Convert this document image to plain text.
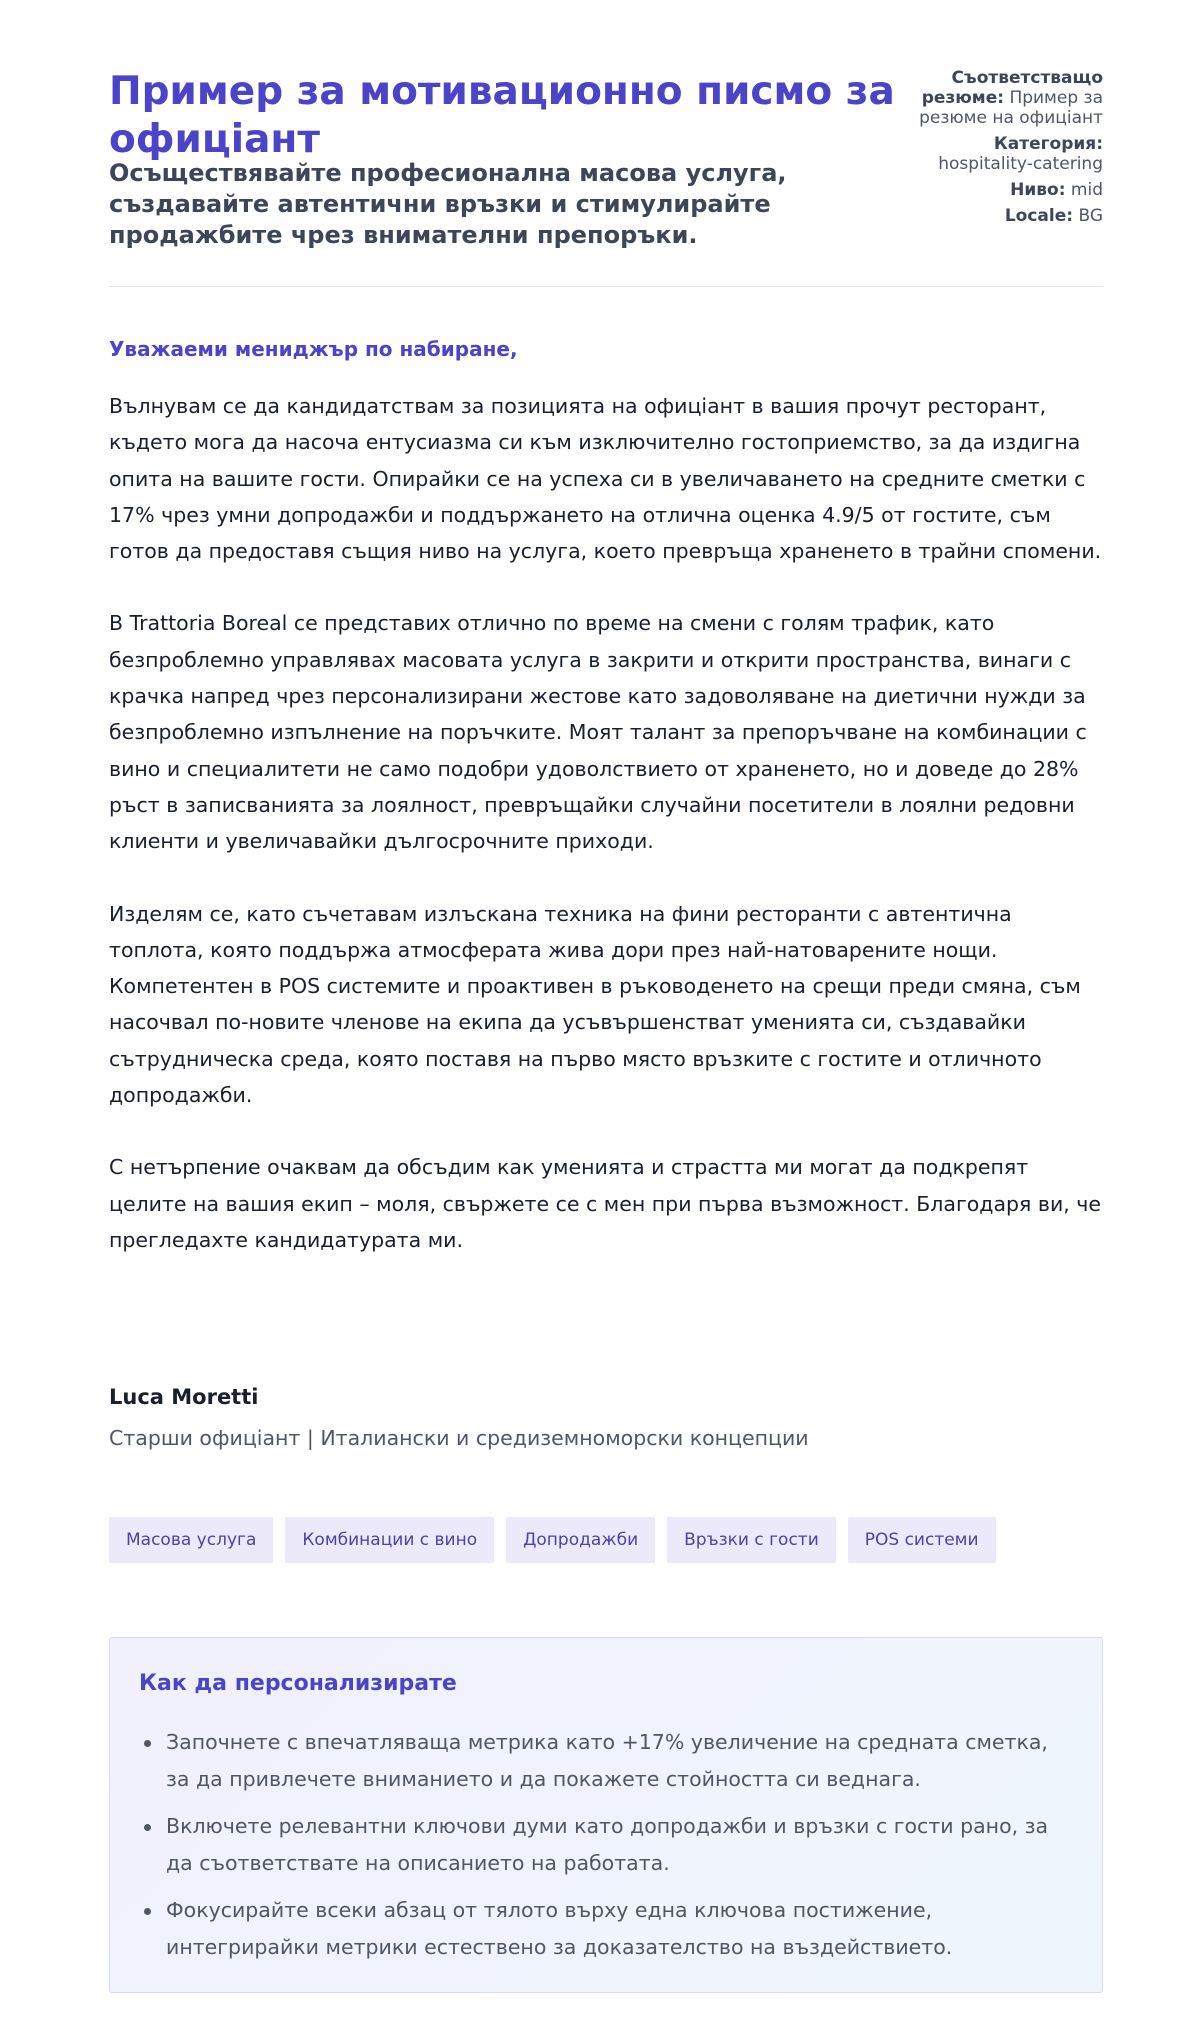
Пример за мотивационно писмо за офицiант
Осъществявайте професионална масова услуга, създавайте автентични връзки и стимулирайте продажбите чрез внимателни препоръки.
Съответстващо резюме: Пример за резюме на офицiант
Категория:
hospitality-catering
Ниво: mid
Locale: BG
Уважаеми мениджър по набиране,

Вълнувам се да кандидатствам за позицията на офицiант в вашия прочут ресторант, където мога да насоча ентусиазма си към изключително гостоприемство, за да издигна опита на вашите гости. Опирайки се на успеха си в увеличаването на средните сметки с 17% чрез умни допродажби и поддържането на отлична оценка 4.9/5 от гостите, съм готов да предоставя същия ниво на услуга, което превръща храненето в трайни спомени.

В Trattoria Boreal се представих отлично по време на смени с голям трафик, като безпроблемно управлявах масовата услуга в закрити и открити пространства, винаги с крачка напред чрез персонализирани жестове като задоволяване на диетични нужди за безпроблемно изпълнение на поръчките. Моят талант за препоръчване на комбинации с вино и специалитети не само подобри удоволствието от храненето, но и доведе до 28% ръст в записванията за лоялност, превръщайки случайни посетители в лоялни редовни клиенти и увеличавайки дългосрочните приходи.

Изделям се, като съчетавам излъскана техника на фини ресторанти с автентична топлота, която поддържа атмосферата жива дори през най-натоварените нощи. Компетентен в POS системите и проактивен в ръководенето на срещи преди смяна, съм насочвал по-новите членове на екипа да усъвършенстват уменията си, създавайки сътрудническа среда, която поставя на първо място връзките с гостите и отличното допродажби.

С нетърпение очаквам да обсъдим как уменията и страстта ми могат да подкрепят целите на вашия екип – моля, свържете се с мен при първа възможност. Благодаря ви, че прегледахте кандидатурата ми.

Luca Moretti
Старши офицiант | Италиански и средиземноморски концепции
Масова услуга	Комбинации с вино	Допродажби	Връзки с гости	POS системи
Как да персонализирате
Започнете с впечатляваща метрика като +17% увеличение на средната сметка, за да привлечете вниманието и да покажете стойността си веднага.
Включете релевантни ключови думи като допродажби и връзки с гости рано, за да съответствате на описанието на работата.
Фокусирайте всеки абзац от тялото върху една ключова постижение, интегрирайки метрики естествено за доказателство на въздействието.
